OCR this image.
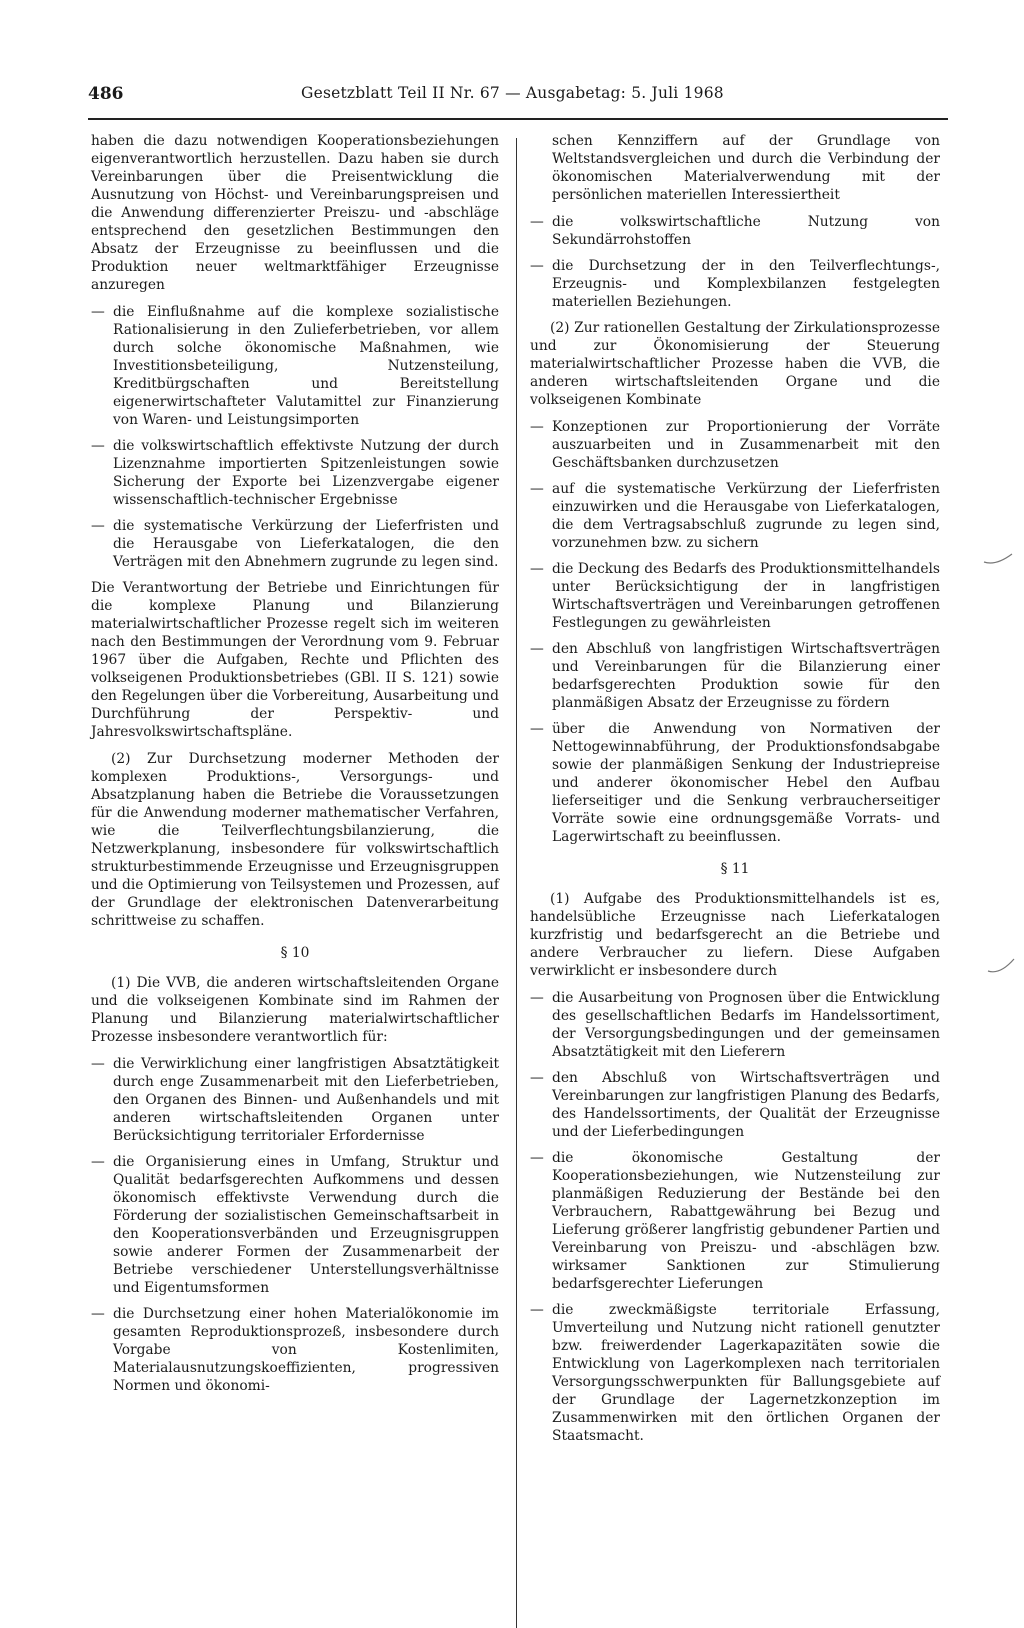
486	Gesetzblatt Teil II Nr. 67 — Ausgabetag: 5. Juli 1968

haben die dazu notwendigen Kooperationsbeziehungen eigenverantwortlich herzustellen. Dazu haben sie durch Vereinbarungen über die Preisentwicklung die Ausnutzung von Höchst- und Vereinbarungspreisen und die Anwendung differenzierter Preiszu- und -abschläge entsprechend den gesetzlichen Bestimmungen den Absatz der Erzeugnisse zu beeinflussen und die Produktion neuer weltmarktfähiger Erzeugnisse anzuregen

— die Einflußnahme auf die komplexe sozialistische Rationalisierung in den Zulieferbetrieben, vor allem durch solche ökonomische Maßnahmen, wie Investitionsbeteiligung, Nutzensteilung, Kreditbürgschaften und Bereitstellung eigenerwirtschafteter Valutamittel zur Finanzierung von Waren- und Leistungsimporten
— die volkswirtschaftlich effektivste Nutzung der durch Lizenznahme importierten Spitzenleistungen sowie Sicherung der Exporte bei Lizenzvergabe eigener wissenschaftlich-technischer Ergebnisse
— die systematische Verkürzung der Lieferfristen und die Herausgabe von Lieferkatalogen, die den Verträgen mit den Abnehmern zugrunde zu legen sind.

Die Verantwortung der Betriebe und Einrichtungen für die komplexe Planung und Bilanzierung materialwirtschaftlicher Prozesse regelt sich im weiteren nach den Bestimmungen der Verordnung vom 9. Februar 1967 über die Aufgaben, Rechte und Pflichten des volkseigenen Produktionsbetriebes (GBl. II S. 121) sowie den Regelungen über die Vorbereitung, Ausarbeitung und Durchführung der Perspektiv- und Jahresvolkswirtschaftspläne.

(2) Zur Durchsetzung moderner Methoden der komplexen Produktions-, Versorgungs- und Absatzplanung haben die Betriebe die Voraussetzungen für die Anwendung moderner mathematischer Verfahren, wie die Teilverflechtungsbilanzierung, die Netzwerkplanung, insbesondere für volkswirtschaftlich strukturbestimmende Erzeugnisse und Erzeugnisgruppen und die Optimierung von Teilsystemen und Prozessen, auf der Grundlage der elektronischen Datenverarbeitung schrittweise zu schaffen.

§ 10

(1) Die VVB, die anderen wirtschaftsleitenden Organe und die volkseigenen Kombinate sind im Rahmen der Planung und Bilanzierung materialwirtschaftlicher Prozesse insbesondere verantwortlich für:

— die Verwirklichung einer langfristigen Absatztätigkeit durch enge Zusammenarbeit mit den Lieferbetrieben, den Organen des Binnen- und Außenhandels und mit anderen wirtschaftsleitenden Organen unter Berücksichtigung territorialer Erfordernisse
— die Organisierung eines in Umfang, Struktur und Qualität bedarfsgerechten Aufkommens und dessen ökonomisch effektivste Verwendung durch die Förderung der sozialistischen Gemeinschaftsarbeit in den Kooperationsverbänden und Erzeugnisgruppen sowie anderer Formen der Zusammenarbeit der Betriebe verschiedener Unterstellungsverhältnisse und Eigentumsformen
— die Durchsetzung einer hohen Materialökonomie im gesamten Reproduktionsprozeß, insbesondere durch Vorgabe von Kostenlimiten, Materialausnutzungskoeffizienten, progressiven Normen und ökonomi-

schen Kennziffern auf der Grundlage von Weltstandsvergleichen und durch die Verbindung der ökonomischen Materialverwendung mit der persönlichen materiellen Interessiertheit

— die volkswirtschaftliche Nutzung von Sekundärrohstoffen
— die Durchsetzung der in den Teilverflechtungs-, Erzeugnis- und Komplexbilanzen festgelegten materiellen Beziehungen.

(2) Zur rationellen Gestaltung der Zirkulationsprozesse und zur Ökonomisierung der Steuerung materialwirtschaftlicher Prozesse haben die VVB, die anderen wirtschaftsleitenden Organe und die volkseigenen Kombinate

— Konzeptionen zur Proportionierung der Vorräte auszuarbeiten und in Zusammenarbeit mit den Geschäftsbanken durchzusetzen
— auf die systematische Verkürzung der Lieferfristen einzuwirken und die Herausgabe von Lieferkatalogen, die dem Vertragsabschluß zugrunde zu legen sind, vorzunehmen bzw. zu sichern
— die Deckung des Bedarfs des Produktionsmittelhandels unter Berücksichtigung der in langfristigen Wirtschaftsverträgen und Vereinbarungen getroffenen Festlegungen zu gewährleisten
— den Abschluß von langfristigen Wirtschaftsverträgen und Vereinbarungen für die Bilanzierung einer bedarfsgerechten Produktion sowie für den planmäßigen Absatz der Erzeugnisse zu fördern
— über die Anwendung von Normativen der Nettogewinnabführung, der Produktionsfondsabgabe sowie der planmäßigen Senkung der Industriepreise und anderer ökonomischer Hebel den Aufbau lieferseitiger und die Senkung verbraucherseitiger Vorräte sowie eine ordnungsgemäße Vorrats- und Lagerwirtschaft zu beeinflussen.
§ 11

(1) Aufgabe des Produktionsmittelhandels ist es, handelsübliche Erzeugnisse nach Lieferkatalogen kurzfristig und bedarfsgerecht an die Betriebe und andere Verbraucher zu liefern. Diese Aufgaben verwirklicht er insbesondere durch

— die Ausarbeitung von Prognosen über die Entwicklung des gesellschaftlichen Bedarfs im Handelssortiment, der Versorgungsbedingungen und der gemeinsamen Absatztätigkeit mit den Lieferern
— den Abschluß von Wirtschaftsverträgen und Vereinbarungen zur langfristigen Planung des Bedarfs, des Handelssortiments, der Qualität der Erzeugnisse und der Lieferbedingungen
— die ökonomische Gestaltung der Kooperationsbeziehungen, wie Nutzensteilung zur planmäßigen Reduzierung der Bestände bei den Verbrauchern, Rabattgewährung bei Bezug und Lieferung größerer langfristig gebundener Partien und Vereinbarung von Preiszu- und -abschlägen bzw. wirksamer Sanktionen zur Stimulierung bedarfsgerechter Lieferungen
— die zweckmäßigste territoriale Erfassung, Umverteilung und Nutzung nicht rationell genutzter bzw. freiwerdender Lagerkapazitäten sowie die Entwicklung von Lagerkomplexen nach territorialen Versorgungsschwerpunkten für Ballungsgebiete auf der Grundlage der Lagernetzkonzeption im Zusammenwirken mit den örtlichen Organen der Staatsmacht.
